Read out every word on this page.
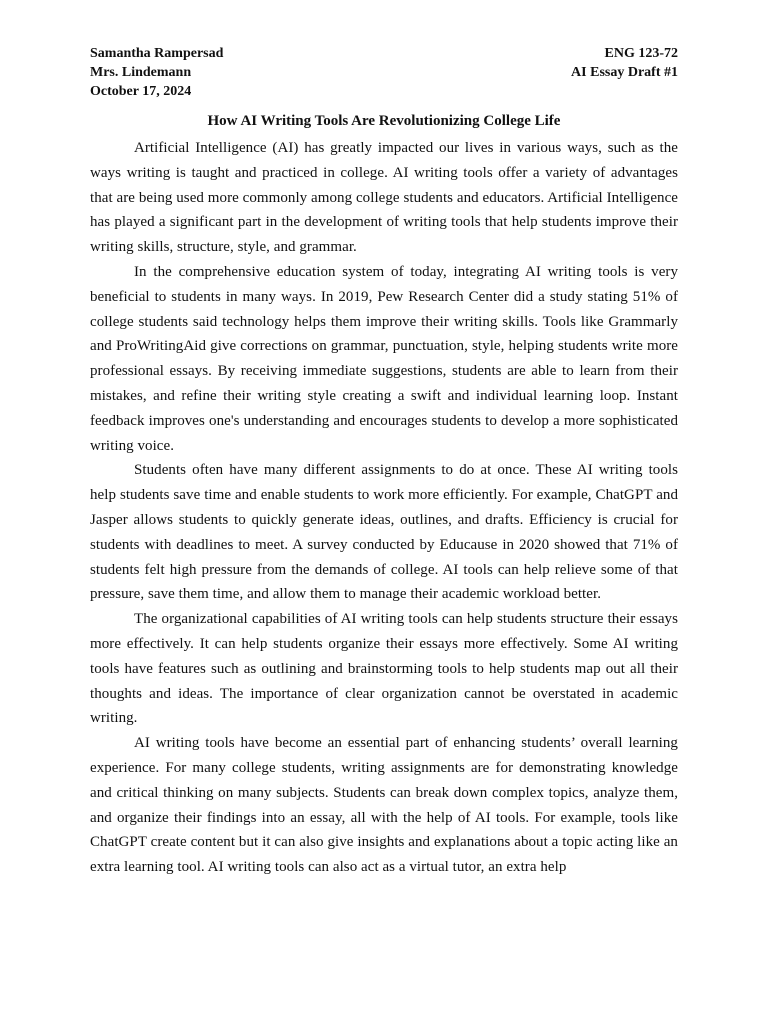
Samantha Rampersad
Mrs. Lindemann
October 17, 2024
ENG 123-72
AI Essay Draft #1
How AI Writing Tools Are Revolutionizing College Life

Artificial Intelligence (AI) has greatly impacted our lives in various ways, such as the ways writing is taught and practiced in college. AI writing tools offer a variety of advantages that are being used more commonly among college students and educators. Artificial Intelligence has played a significant part in the development of writing tools that help students improve their writing skills, structure, style, and grammar.

In the comprehensive education system of today, integrating AI writing tools is very beneficial to students in many ways. In 2019, Pew Research Center did a study stating 51% of college students said technology helps them improve their writing skills. Tools like Grammarly and ProWritingAid give corrections on grammar, punctuation, style, helping students write more professional essays. By receiving immediate suggestions, students are able to learn from their mistakes, and refine their writing style creating a swift and individual learning loop. Instant feedback improves one's understanding and encourages students to develop a more sophisticated writing voice.

Students often have many different assignments to do at once. These AI writing tools help students save time and enable students to work more efficiently. For example, ChatGPT and Jasper allows students to quickly generate ideas, outlines, and drafts. Efficiency is crucial for students with deadlines to meet. A survey conducted by Educause in 2020 showed that 71% of students felt high pressure from the demands of college. AI tools can help relieve some of that pressure, save them time, and allow them to manage their academic workload better.

The organizational capabilities of AI writing tools can help students structure their essays more effectively. It can help students organize their essays more effectively. Some AI writing tools have features such as outlining and brainstorming tools to help students map out all their thoughts and ideas. The importance of clear organization cannot be overstated in academic writing.

AI writing tools have become an essential part of enhancing students’ overall learning experience. For many college students, writing assignments are for demonstrating knowledge and critical thinking on many subjects. Students can break down complex topics, analyze them, and organize their findings into an essay, all with the help of AI tools. For example, tools like ChatGPT create content but it can also give insights and explanations about a topic acting like an extra learning tool. AI writing tools can also act as a virtual tutor, an extra help
